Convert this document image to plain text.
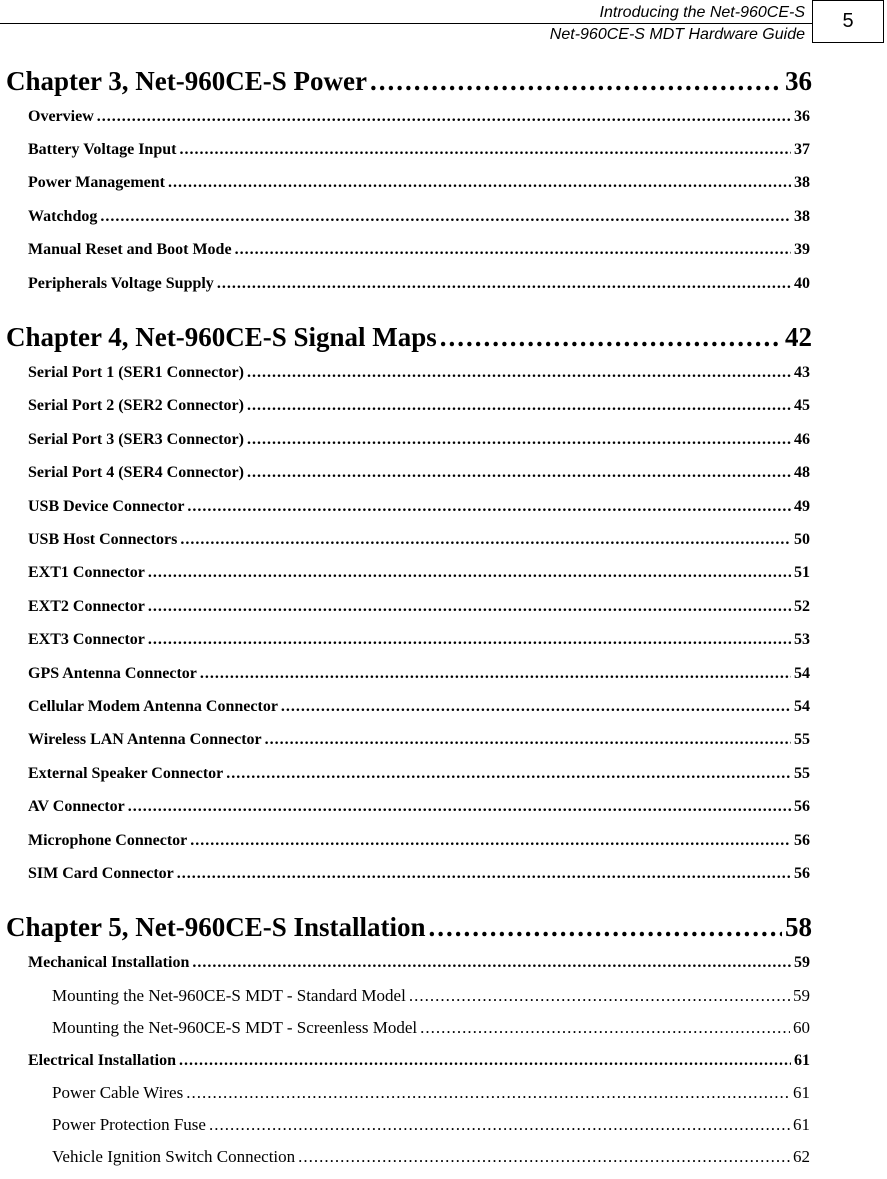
Introducing the Net-960CE-S
Net-960CE-S MDT Hardware Guide
5
Chapter 3, Net-960CE-S Power .....	36
Overview .....	36
Battery Voltage Input .....	37
Power Management .....	38
Watchdog .....	38
Manual Reset and Boot Mode .....	39
Peripherals Voltage Supply .....	40
Chapter 4, Net-960CE-S Signal Maps .....	42
Serial Port 1 (SER1 Connector) .....	43
Serial Port 2 (SER2 Connector) .....	45
Serial Port 3 (SER3 Connector) .....	46
Serial Port 4 (SER4 Connector) .....	48
USB Device Connector .....	49
USB Host Connectors .....	50
EXT1 Connector .....	51
EXT2 Connector .....	52
EXT3 Connector .....	53
GPS Antenna Connector .....	54
Cellular Modem Antenna Connector .....	54
Wireless LAN Antenna Connector .....	55
External Speaker Connector .....	55
AV Connector .....	56
Microphone Connector .....	56
SIM Card Connector .....	56
Chapter 5, Net-960CE-S Installation .....	58
Mechanical Installation .....	59
Mounting the Net-960CE-S MDT - Standard Model .....	59
Mounting the Net-960CE-S MDT - Screenless Model .....	60
Electrical Installation .....	61
Power Cable Wires .....	61
Power Protection Fuse .....	61
Vehicle Ignition Switch Connection .....	62
